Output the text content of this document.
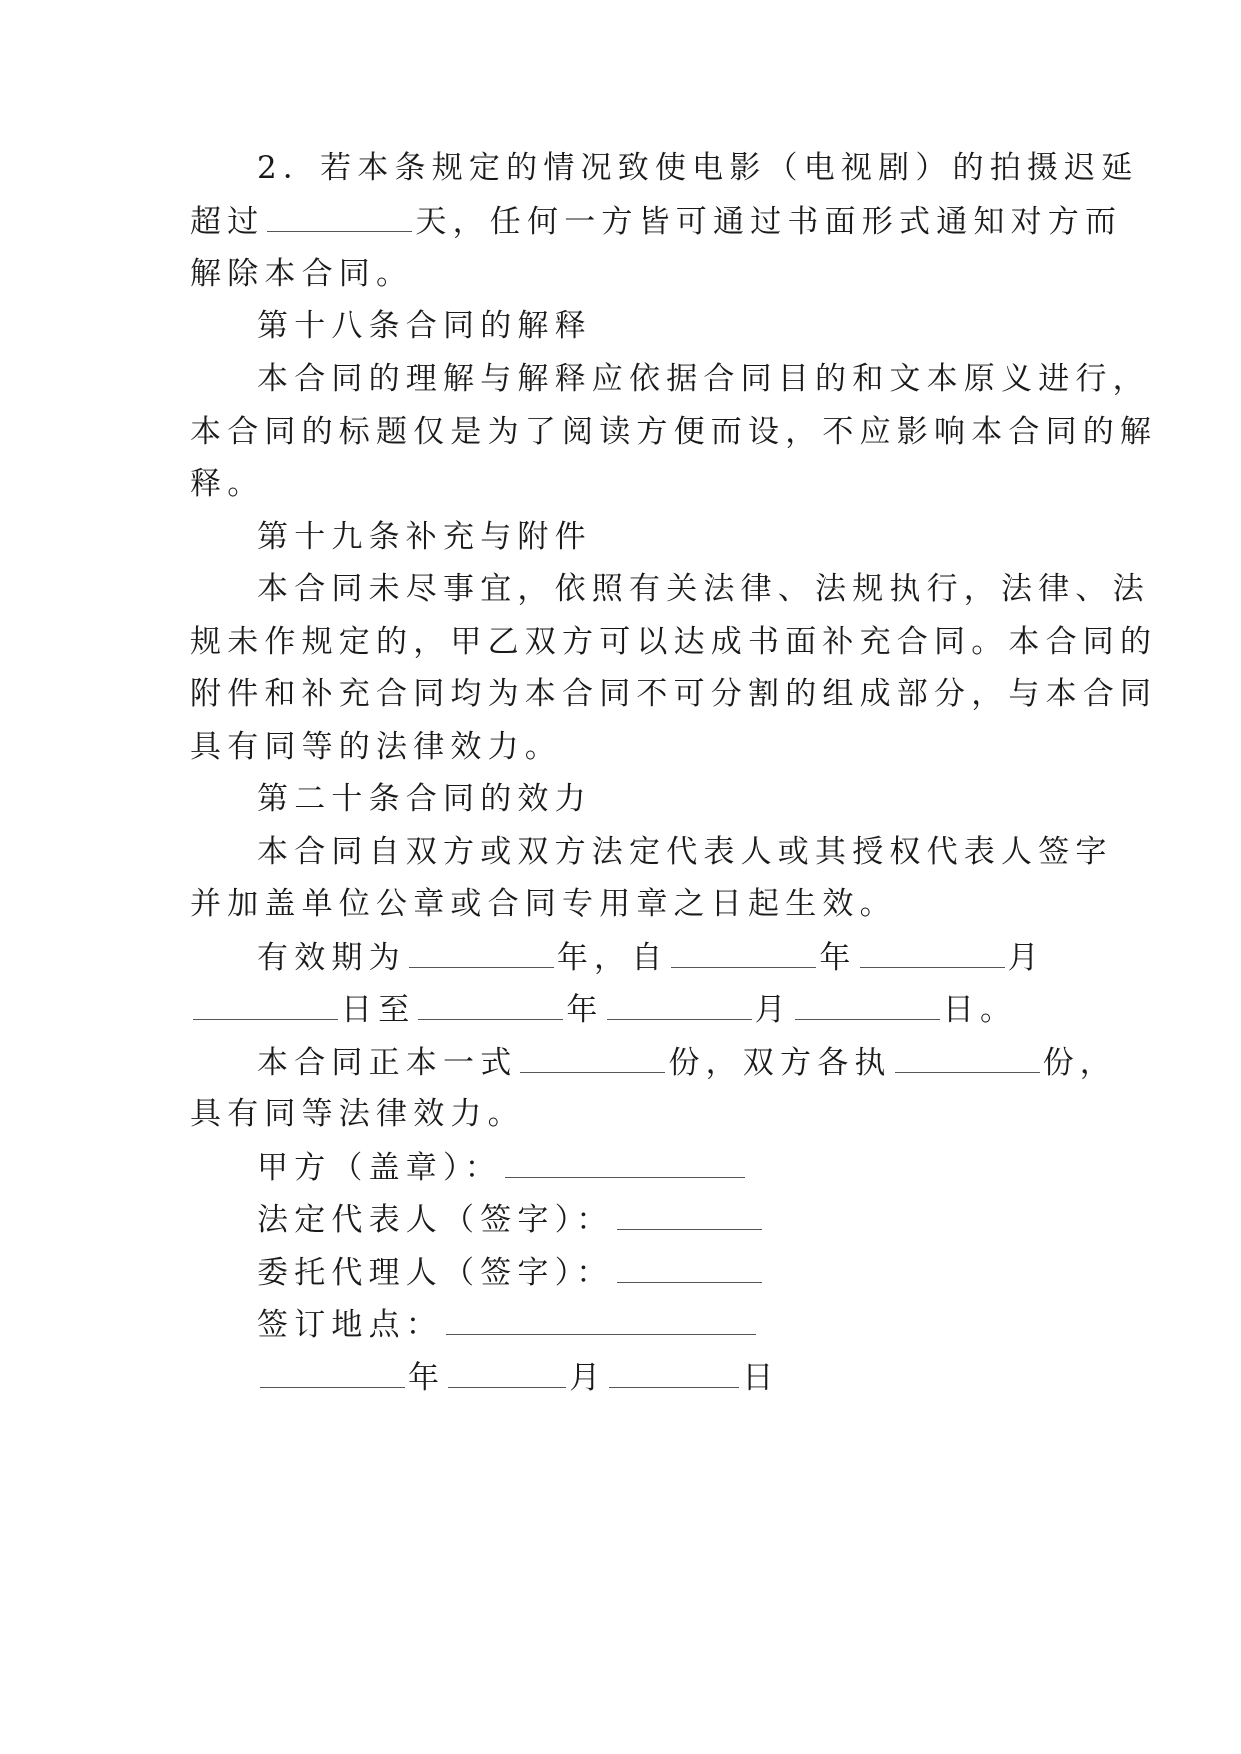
2．若本条规定的情况致使电影（电视剧）的拍摄迟延
超过	天，任何一方皆可通过书面形式通知对方而
解除本合同。
第十八条合同的解释
本合同的理解与解释应依据合同目的和文本原义进行，
本合同的标题仅是为了阅读方便而设，不应影响本合同的解
释。
第十九条补充与附件
本合同未尽事宜，依照有关法律、法规执行，法律、法
规未作规定的，甲乙双方可以达成书面补充合同。本合同的
附件和补充合同均为本合同不可分割的组成部分，与本合同
具有同等的法律效力。
第二十条合同的效力
本合同自双方或双方法定代表人或其授权代表人签字
并加盖单位公章或合同专用章之日起生效。
有效期为	年，自	年	月
日至	年	月	日。
本合同正本一式	份，双方各执	份，
具有同等法律效力。
甲方（盖章）：
法定代表人（签字）：
委托代理人（签字）：
签订地点：
年	月	日
